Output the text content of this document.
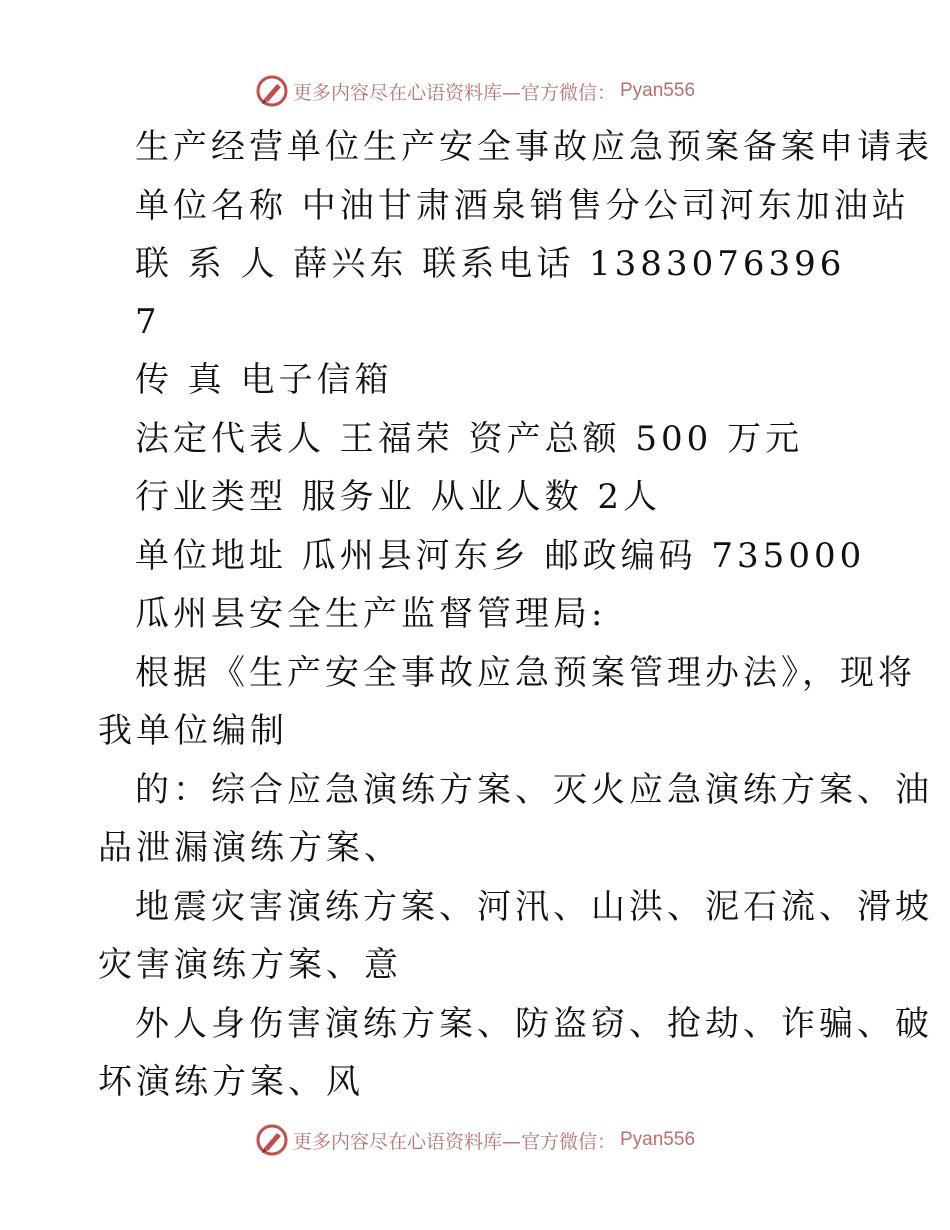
更多内容尽在心语资料库—官方微信： Pyan556
生产经营单位生产安全事故应急预案备案申请表
单位名称 中油甘肃酒泉销售分公司河东加油站
联 系 人 薛兴东 联系电话 1383076396
7
传 真 电子信箱
法定代表人 王福荣 资产总额 500 万元
行业类型 服务业 从业人数 2人
单位地址 瓜州县河东乡 邮政编码 735000
瓜州县安全生产监督管理局:
根据《生产安全事故应急预案管理办法》，现将
我单位编制
的：综合应急演练方案、灭火应急演练方案、油
品泄漏演练方案、
地震灾害演练方案、河汛、山洪、泥石流、滑坡
灾害演练方案、意
外人身伤害演练方案、防盗窃、抢劫、诈骗、破
坏演练方案、风
更多内容尽在心语资料库—官方微信： Pyan556
